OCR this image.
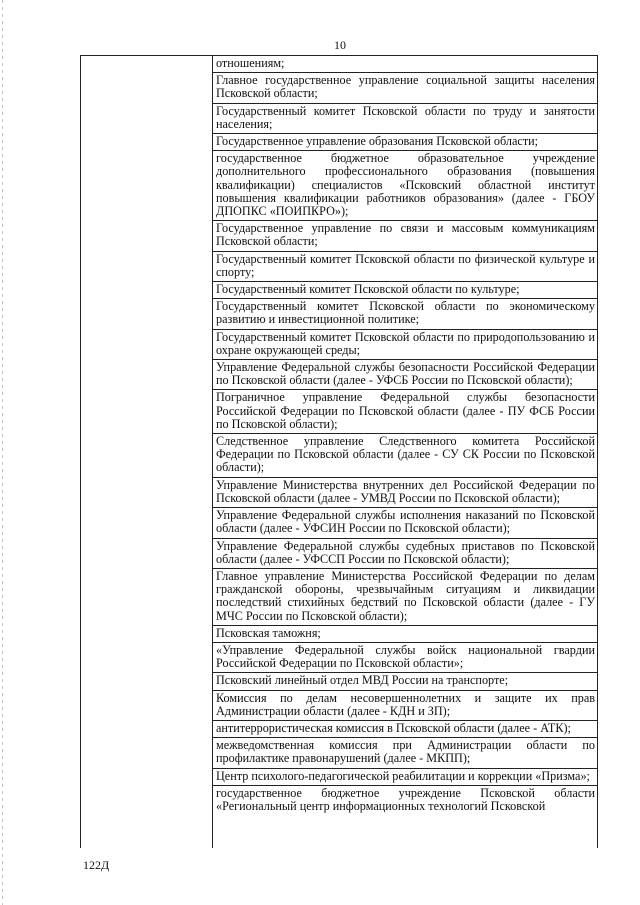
10
отношениям;
Главное государственное управление социальной защиты населения Псковской области;
Государственный комитет Псковской области по труду и занятости населения;
Государственное управление образования Псковской области;
государственное бюджетное образовательное учреждение дополнительного профессионального образования (повышения квалификации) специалистов «Псковский областной институт повышения квалификации работников образования» (далее - ГБОУ ДПОПКС «ПОИПКРО»);
Государственное управление по связи и массовым коммуникациям Псковской области;
Государственный комитет Псковской области по физической культуре и спорту;
Государственный комитет Псковской области по культуре;
Государственный комитет Псковской области по экономическому развитию и инвестиционной политике;
Государственный комитет Псковской области по природопользованию и охране окружающей среды;
Управление Федеральной службы безопасности Российской Федерации по Псковской области (далее - УФСБ России по Псковской области);
Пограничное управление Федеральной службы безопасности Российской Федерации по Псковской области (далее - ПУ ФСБ России по Псковской области);
Следственное управление Следственного комитета Российской Федерации по Псковской области (далее - СУ СК России по Псковской области);
Управление Министерства внутренних дел Российской Федерации по Псковской области (далее - УМВД России по Псковской области);
Управление Федеральной службы исполнения наказаний по Псковской области (далее - УФСИН России по Псковской области);
Управление Федеральной службы судебных приставов по Псковской области (далее - УФССП России по Псковской области);
Главное управление Министерства Российской Федерации по делам гражданской обороны, чрезвычайным ситуациям и ликвидации последствий стихийных бедствий по Псковской области (далее - ГУ МЧС России по Псковской области);
Псковская таможня;
«Управление Федеральной службы войск национальной гвардии Российской Федерации по Псковской области»;
Псковский линейный отдел МВД России на транспорте;
Комиссия по делам несовершеннолетних и защите их прав Администрации области (далее - КДН и ЗП);
антитеррористическая комиссия в Псковской области (далее - АТК);
межведомственная комиссия при Администрации области по профилактике правонарушений (далее - МКПП);
Центр психолого-педагогической реабилитации и коррекции «Призма»;
государственное бюджетное учреждение Псковской области «Региональный центр информационных технологий Псковской
122Д
